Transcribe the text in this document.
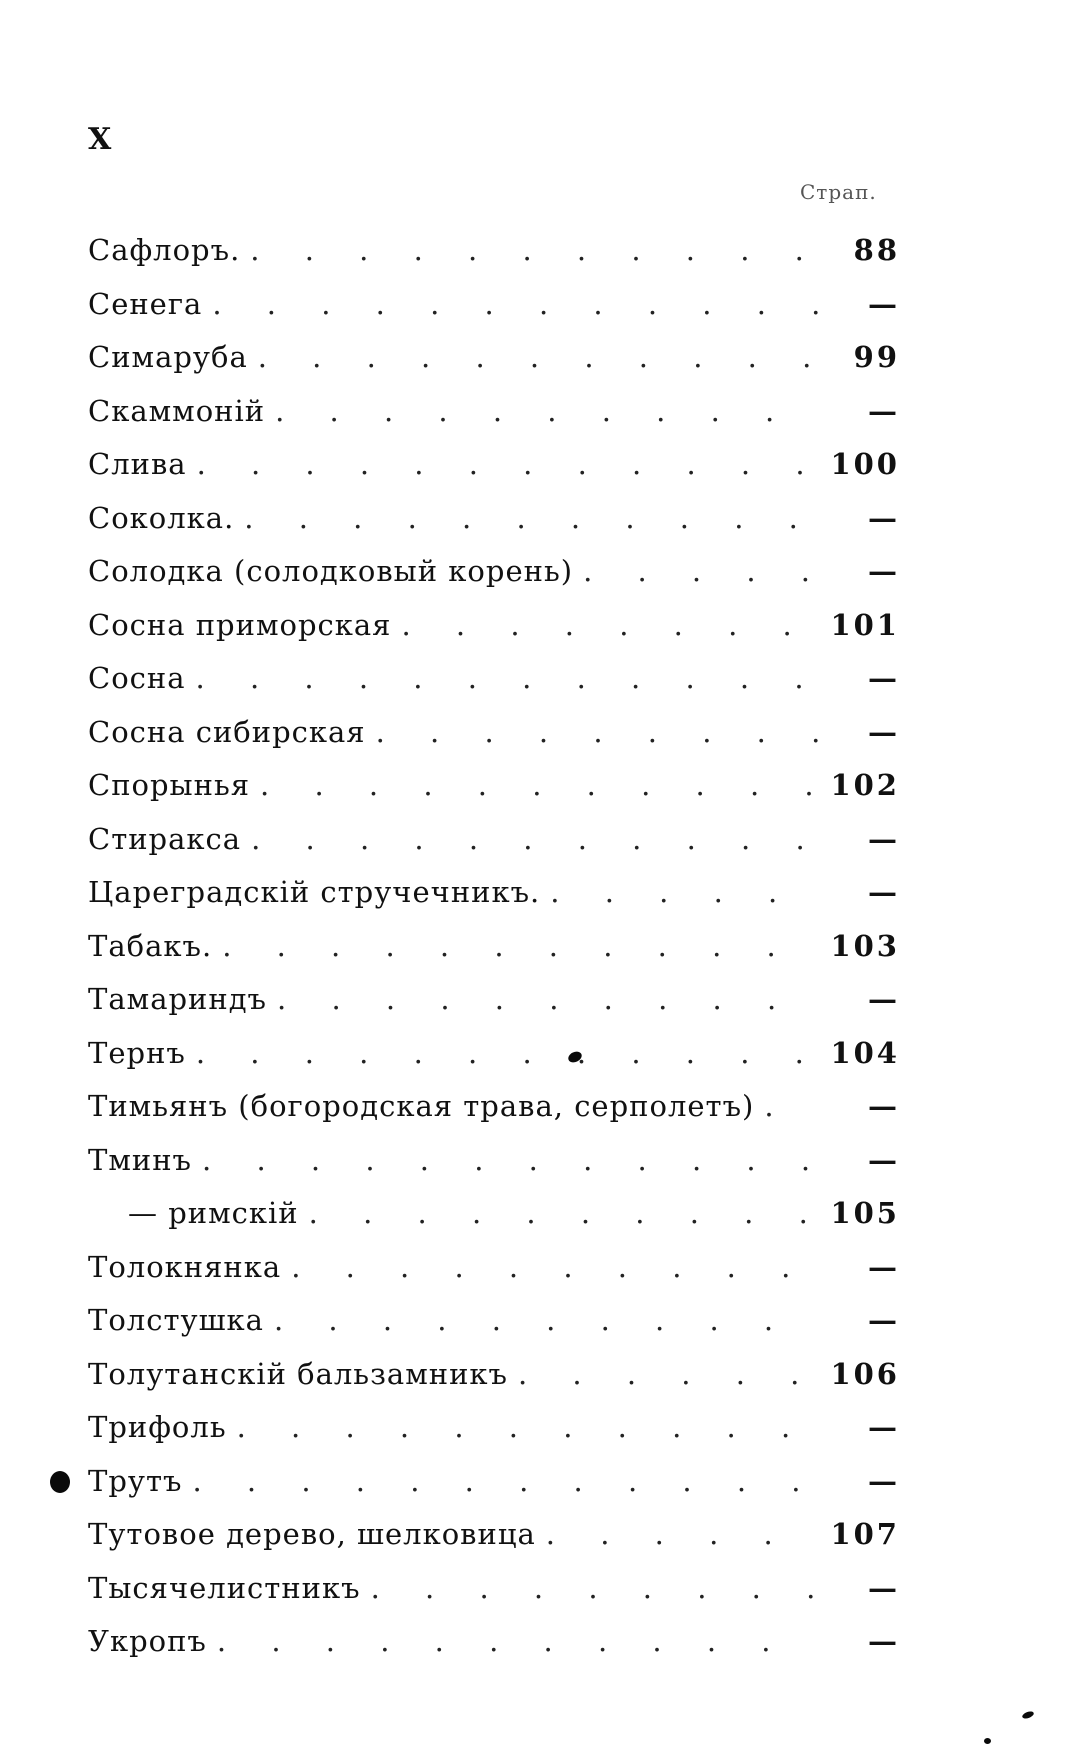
X
Страп.
Сафлоръ. . . .	88
Сенега . . .	—
Симаруба . . .	99
Скаммоній . . .	—
Слива . . .	100
Соколка. . . .	—
Солодка (солодковый корень) . . .	—
Сосна приморская . . .	101
Сосна . . .	—
Сосна сибирская . . .	—
Спорынья . . .	102
Стиракса . . .	—
Цареградскій стручечникъ. . . .	—
Табакъ. . . .	103
Тамариндъ . . .	—
Тернъ . . .	104
Тимьянъ (богородская трава, серполетъ) . . .	—
Тминъ . . .	—
— римскій . . .	105
Толокнянка . . .	—
Толстушка . . .	—
Толутанскій бальзамникъ . . .	106
Трифоль . . .	—
Трутъ . . .	—
Тутовое дерево, шелковица . . .	107
Тысячелистникъ . . .	—
Укропъ . . .	—
